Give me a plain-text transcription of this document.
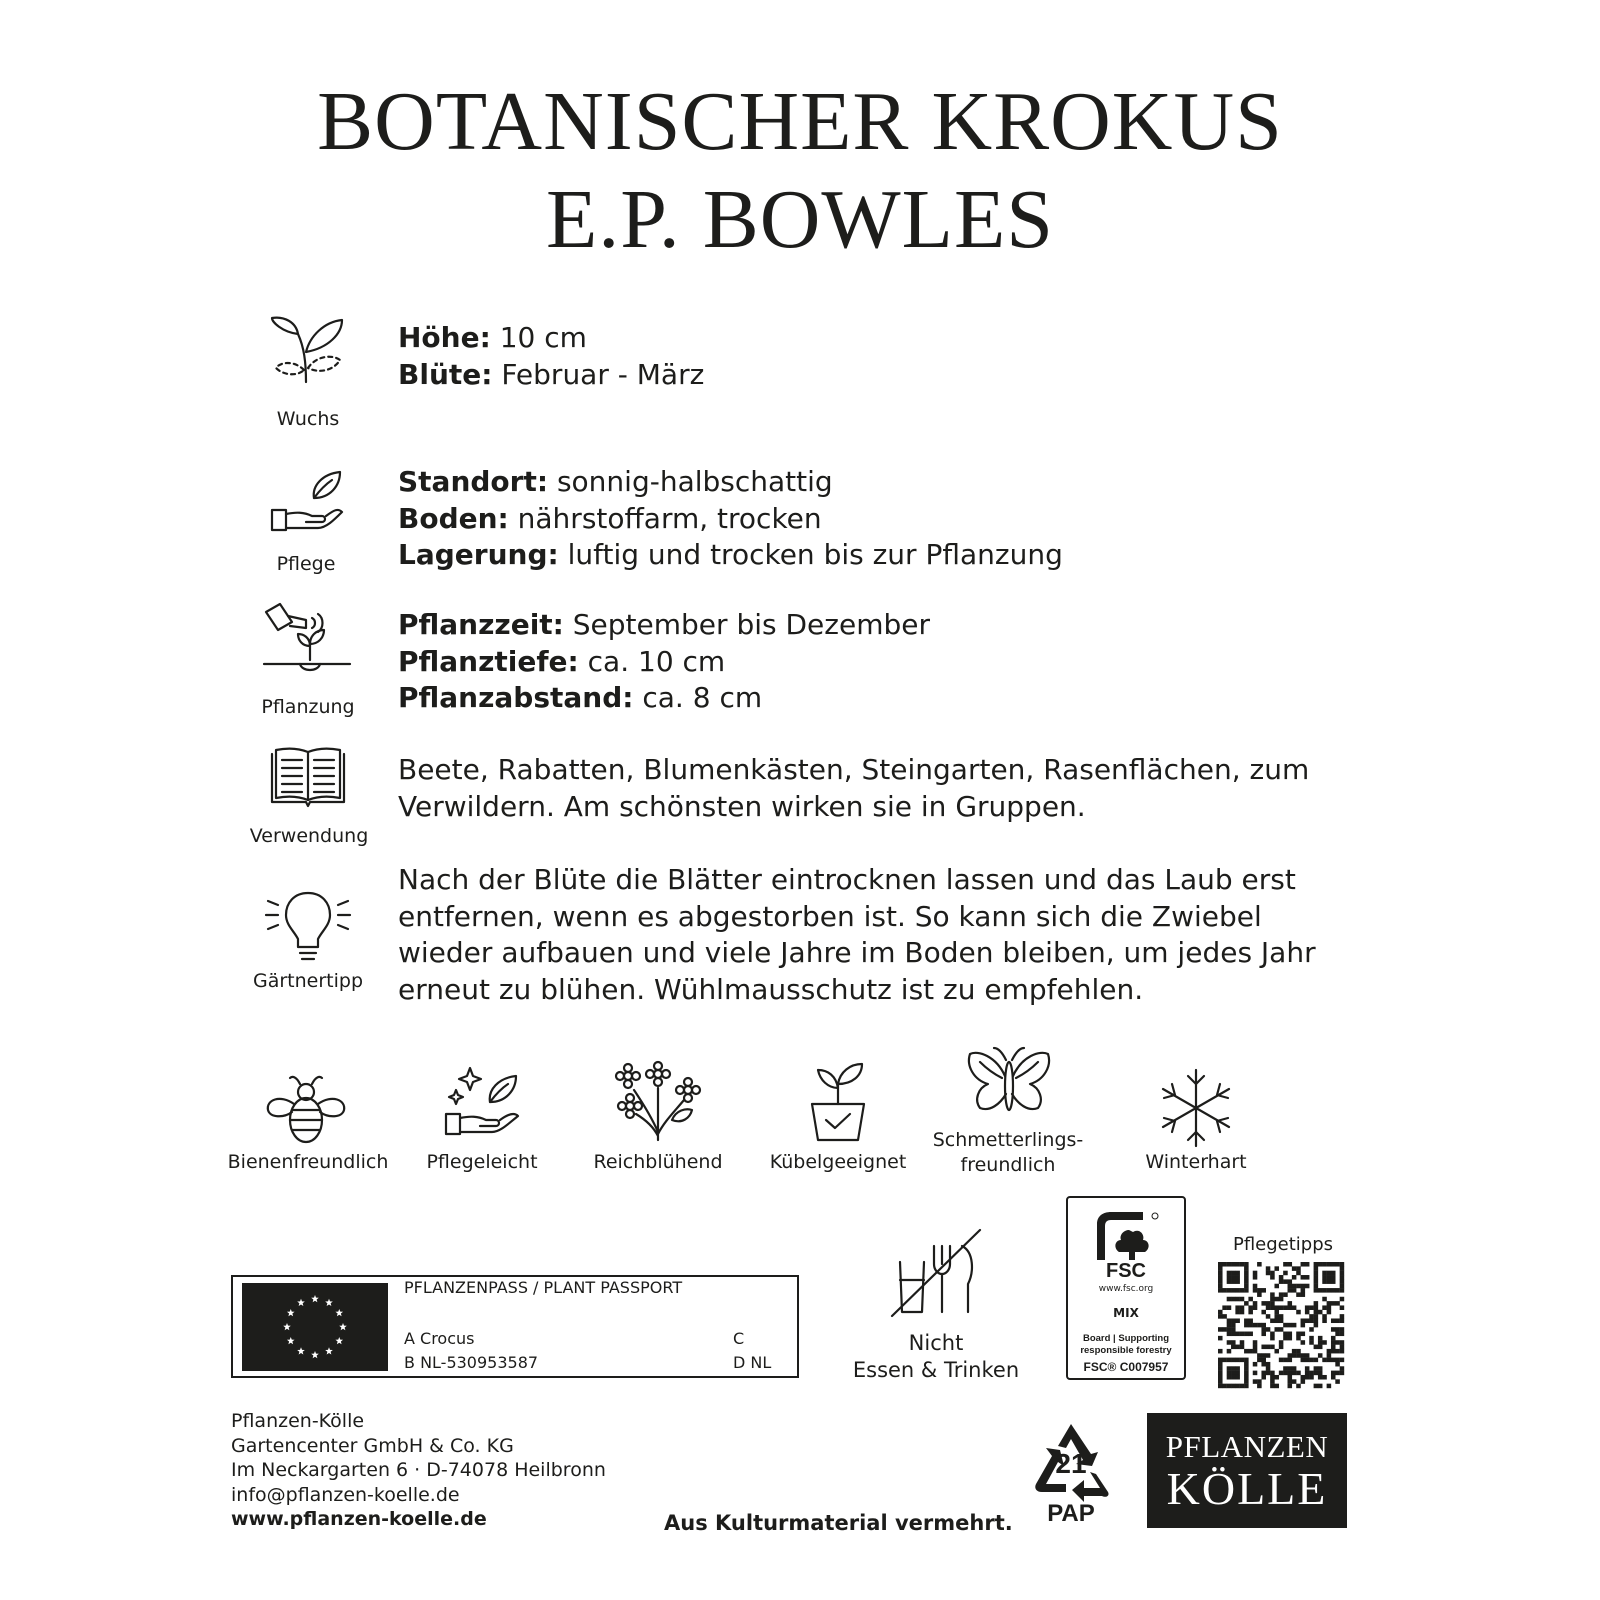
BOTANISCHER KROKUS
E.P. BOWLES
Wuchs
Höhe: 10 cm
Blüte: Februar - März
Pflege
Standort: sonnig-halbschattig
Boden: nährstoffarm, trocken
Lagerung: luftig und trocken bis zur Pflanzung
Pflanzung
Pflanzzeit: September bis Dezember
Pflanztiefe: ca. 10 cm
Pflanzabstand: ca. 8 cm
Verwendung
Beete, Rabatten, Blumenkästen, Steingarten, Rasenflächen, zum
Verwildern. Am schönsten wirken sie in Gruppen.
Gärtnertipp
Nach der Blüte die Blätter eintrocknen lassen und das Laub erst
entfernen, wenn es abgestorben ist. So kann sich die Zwiebel
wieder aufbauen und viele Jahre im Boden bleiben, um jedes Jahr
erneut zu blühen. Wühlmausschutz ist zu empfehlen.
Bienenfreundlich	Pflegeleicht	Reichblühend	Kübelgeeignet
Schmetterlings-
freundlich	Winterhart
PFLANZENPASS / PLANT PASSPORT
A Crocus
B NL-530953587
C
D NL
Nicht
Essen & Trinken
FSC
www.fsc.org
MIX
Board | Supporting
responsible forestry
FSC® C007957
Pflegetipps
Pflanzen-Kölle
Gartencenter GmbH & Co. KG
Im Neckargarten 6 · D-74078 Heilbronn
info@pflanzen-koelle.de
www.pflanzen-koelle.de	Aus Kulturmaterial vermehrt.
21
PAP
PFLANZEN
KÖLLE
